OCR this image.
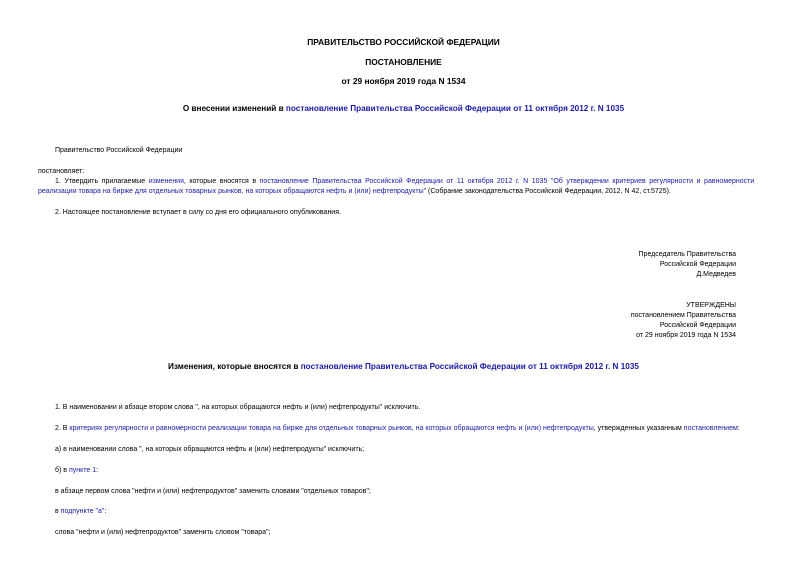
ПРАВИТЕЛЬСТВО РОССИЙСКОЙ ФЕДЕРАЦИИ
ПОСТАНОВЛЕНИЕ
от 29 ноября 2019 года N 1534
О внесении изменений в постановление Правительства Российской Федерации от 11 октября 2012 г. N 1035
Правительство Российской Федерации
постановляет:
1. Утвердить прилагаемые изменения, которые вносятся в постановление Правительства Российской Федерации от 11 октября 2012 г. N 1035 "Об утверждении критериев регулярности и равномерности
реализации товара на бирже для отдельных товарных рынков, на которых обращаются нефть и (или) нефтепродукты" (Собрание законодательства Российской Федерации, 2012, N 42, ст.5725).
2. Настоящее постановление вступает в силу со дня его официального опубликования.
Председатель Правительства
Российской Федерации
Д.Медведев
УТВЕРЖДЕНЫ
постановлением Правительства
Российской Федерации
от 29 ноября 2019 года N 1534
Изменения, которые вносятся в постановление Правительства Российской Федерации от 11 октября 2012 г. N 1035
1. В наименовании и абзаце втором слова ", на которых обращаются нефть и (или) нефтепродукты" исключить.
2. В критериях регулярности и равномерности реализации товара на бирже для отдельных товарных рынков, на которых обращаются нефть и (или) нефтепродукты, утвержденных указанным постановлением:
а) в наименовании слова ", на которых обращаются нефть и (или) нефтепродукты" исключить;
б) в пункте 1:
в абзаце первом слова "нефти и (или) нефтепродуктов" заменить словами "отдельных товаров";
в подпункте "а":
слова "нефти и (или) нефтепродуктов" заменить словом "товара";
